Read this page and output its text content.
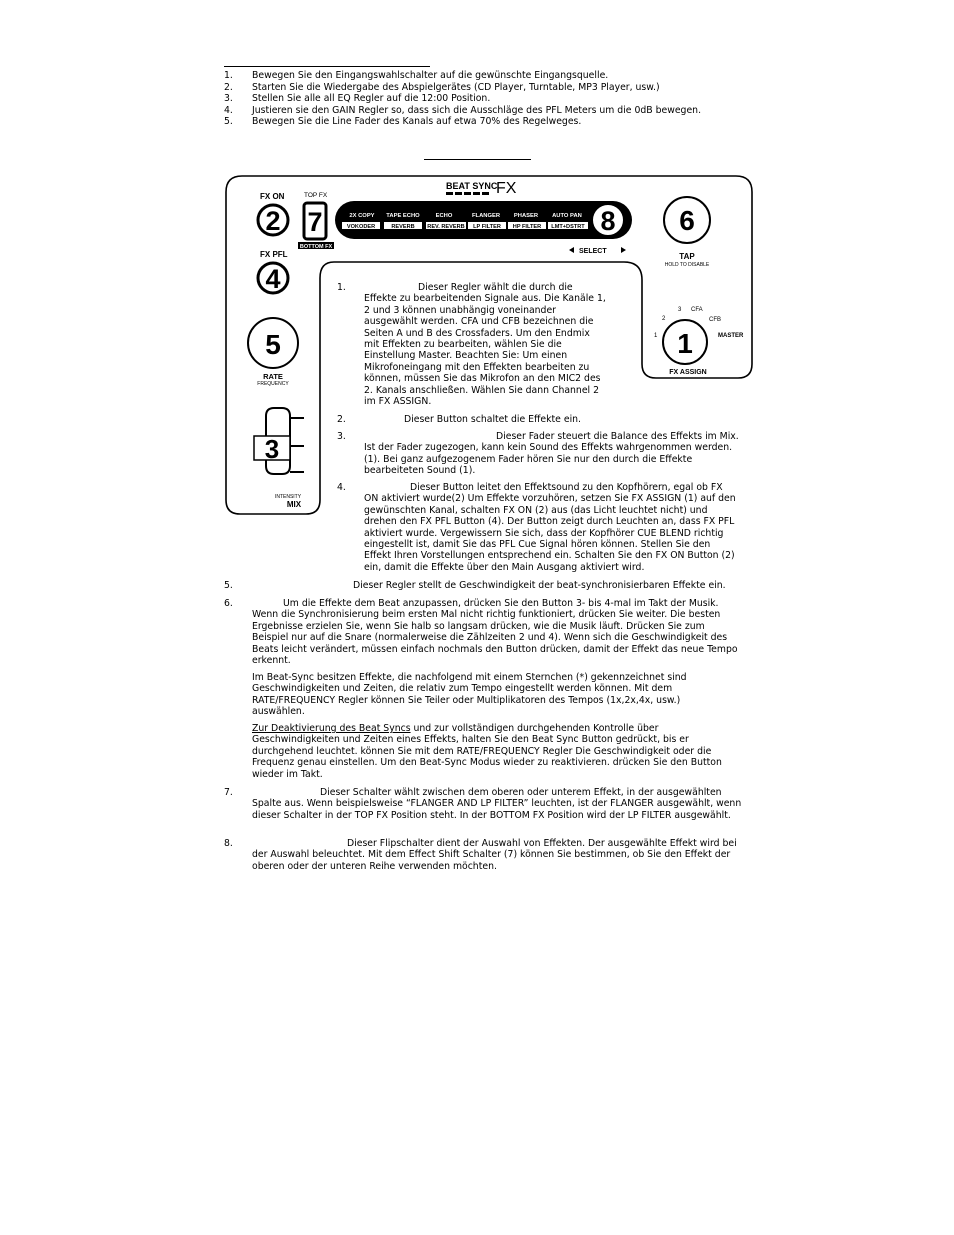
1. Bewegen Sie den Eingangswahlschalter auf die gewünschte Eingangsquelle.
2. Starten Sie die Wiedergabe des Abspielgerätes (CD Player, Turntable, MP3 Player, usw.)
3. Stellen Sie alle all EQ Regler auf die 12:00 Position.
4. Justieren sie den GAIN Regler so, dass sich die Ausschläge des PFL Meters um die 0dB bewegen.
5. Bewegen Sie die Line Fader des Kanals auf etwa 70% des Regelweges.
BEAT SYNC
FX
FX ON
2
TOP FX
7
BOTTOM FX
2X COPY TAPE ECHO	ECHO	FLANGER PHASER AUTO PAN
VOKODER	REVERB REV. REVERB LP FILTER HP FILTER LMT+DSTRT 8
SELECT
6
TAP
HOLD TO DISABLE
FX PFL
4
5
RATE
FREQUENCY
3
INTENSITY
MIX
1
1
2
3 CFA
CFB
MASTER
FX ASSIGN
1.	Dieser Regler wählt die durch die Effekte zu bearbeitenden Signale aus. Die Kanäle 1, 2 und 3 können unabhängig voneinander ausgewählt werden. CFA und CFB bezeichnen die Seiten A und B des Crossfaders. Um den Endmix mit Effekten zu bearbeiten, wählen Sie die Einstellung Master. Beachten Sie: Um einen Mikrofoneingang mit den Effekten bearbeiten zu können, müssen Sie das Mikrofon an den MIC2 des 2. Kanals anschließen. Wählen Sie dann Channel 2 im FX ASSIGN.

2.	Dieser Button schaltet die Effekte ein.

3.	Dieser Fader steuert die Balance des Effekts im Mix. Ist der Fader zugezogen, kann kein Sound des Effekts wahrgenommen werden. (1). Bei ganz aufgezogenem Fader hören Sie nur den durch die Effekte bearbeiteten Sound (1).

4.	Dieser Button leitet den Effektsound zu den Kopfhörern, egal ob FX ON aktiviert wurde(2) Um Effekte vorzuhören, setzen Sie FX ASSIGN (1) auf den gewünschten Kanal, schalten FX ON (2) aus (das Licht leuchtet nicht) und drehen den FX PFL Button (4). Der Button zeigt durch Leuchten an, dass FX PFL aktiviert wurde. Vergewissern Sie sich, dass der Kopfhörer CUE BLEND richtig eingestellt ist, damit Sie das PFL Cue Signal hören können. Stellen Sie den Effekt Ihren Vorstellungen entsprechend ein. Schalten Sie den FX ON Button (2) ein, damit die Effekte über den Main Ausgang aktiviert wird.

5.	Dieser Regler stellt de Geschwindigkeit der beat-synchronisierbaren Effekte ein.

6.	Um die Effekte dem Beat anzupassen, drücken Sie den Button 3- bis 4-mal im Takt der Musik. Wenn die Synchronisierung beim ersten Mal nicht richtig funktioniert, drücken Sie weiter. Die besten Ergebnisse erzielen Sie, wenn Sie halb so langsam drücken, wie die Musik läuft. Drücken Sie zum Beispiel nur auf die Snare (normalerweise die Zählzeiten 2 und 4). Wenn sich die Geschwindigkeit des Beats leicht verändert, müssen einfach nochmals den Button drücken, damit der Effekt das neue Tempo erkennt.

Im Beat-Sync besitzen Effekte, die nachfolgend mit einem Sternchen (*) gekennzeichnet sind Geschwindigkeiten und Zeiten, die relativ zum Tempo eingestellt werden können. Mit dem RATE/FREQUENCY Regler können Sie Teiler oder Multiplikatoren des Tempos (1x,2x,4x, usw.) auswählen.

Zur Deaktivierung des Beat Syncs und zur vollständigen durchgehenden Kontrolle über Geschwindigkeiten und Zeiten eines Effekts, halten Sie den Beat Sync Button gedrückt, bis er durchgehend leuchtet. können Sie mit dem RATE/FREQUENCY Regler Die Geschwindigkeit oder die Frequenz genau einstellen. Um den Beat-Sync Modus wieder zu reaktivieren. drücken Sie den Button wieder im Takt.

7.	Dieser Schalter wählt zwischen dem oberen oder unterem Effekt, in der ausgewählten Spalte aus. Wenn beispielsweise “FLANGER AND LP FILTER” leuchten, ist der FLANGER ausgewählt, wenn dieser Schalter in der TOP FX Position steht. In der BOTTOM FX Position wird der LP FILTER ausgewählt.

8.	Dieser Flipschalter dient der Auswahl von Effekten. Der ausgewählte Effekt wird bei der Auswahl beleuchtet. Mit dem Effect Shift Schalter (7) können Sie bestimmen, ob Sie den Effekt der oberen oder der unteren Reihe verwenden möchten.
